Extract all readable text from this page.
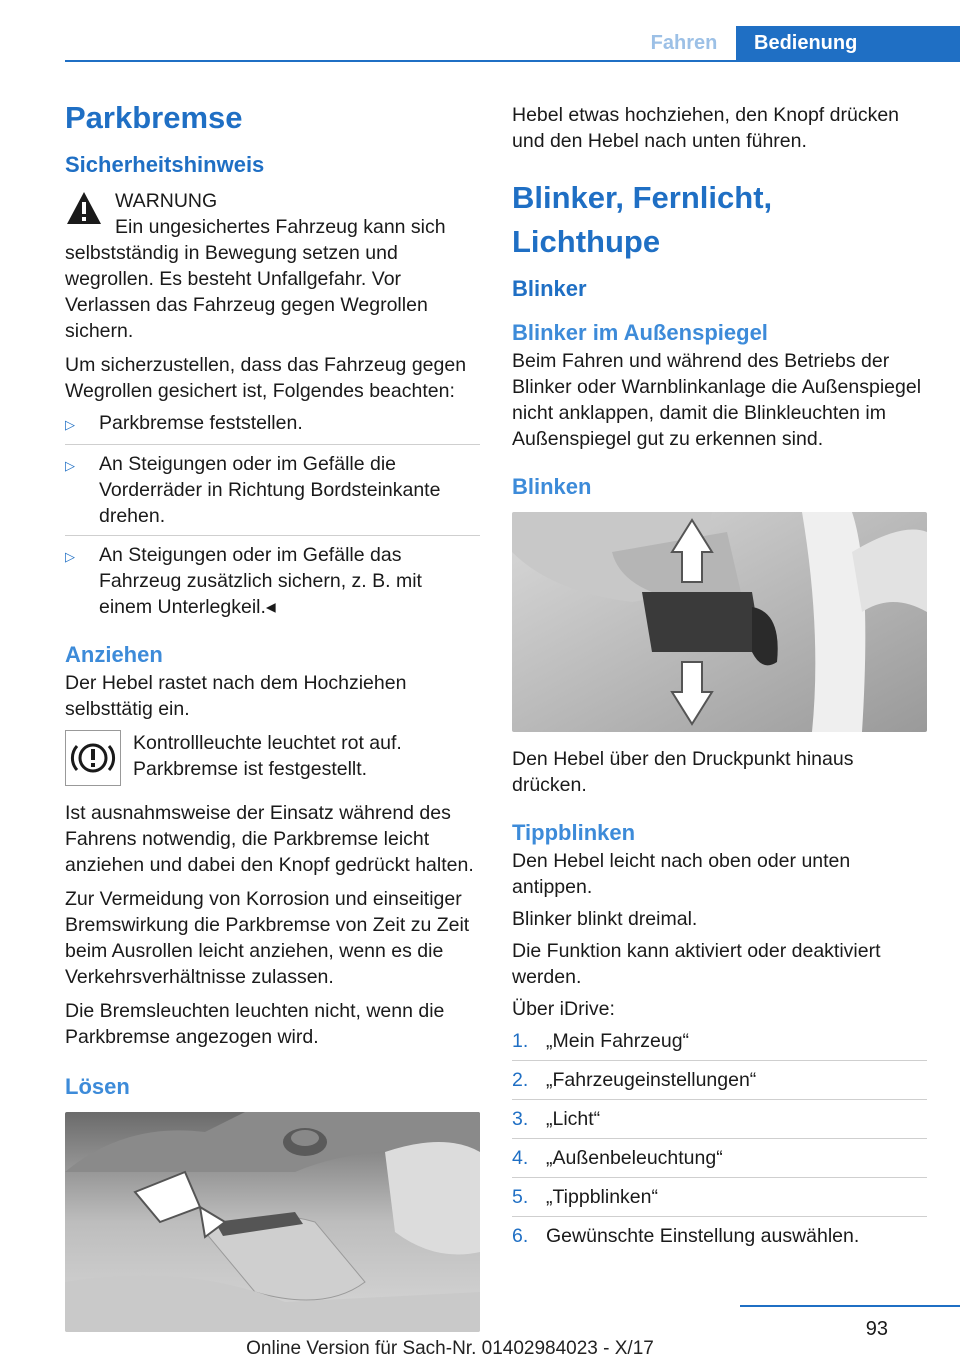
Fahren	Bedienung
Parkbremse
Sicherheitshinweis

WARNUNG

Ein ungesichertes Fahrzeug kann sich selbstständig in Bewegung setzen und wegrollen. Es besteht Unfallgefahr. Vor Verlassen das Fahrzeug gegen Wegrollen sichern.

Um sicherzustellen, dass das Fahrzeug gegen Wegrollen gesichert ist, Folgendes beachten:

▷	Parkbremse feststellen.
▷	An Steigungen oder im Gefälle die Vorderräder in Richtung Bordsteinkante drehen.
▷	An Steigungen oder im Gefälle das Fahrzeug zusätzlich sichern, z. B. mit einem Unterlegkeil.◂
Anziehen

Der Hebel rastet nach dem Hochziehen selbsttätig ein.

Kontrollleuchte leuchtet rot auf. Parkbremse ist festgestellt.

Ist ausnahmsweise der Einsatz während des Fahrens notwendig, die Parkbremse leicht anziehen und dabei den Knopf gedrückt halten.

Zur Vermeidung von Korrosion und einseitiger Bremswirkung die Parkbremse von Zeit zu Zeit beim Ausrollen leicht anziehen, wenn es die Verkehrsverhältnisse zulassen.

Die Bremsleuchten leuchten nicht, wenn die Parkbremse angezogen wird.

Lösen

Hebel etwas hochziehen, den Knopf drücken und den Hebel nach unten führen.

Blinker, Fernlicht, Lichthupe
Blinker
Blinker im Außenspiegel

Beim Fahren und während des Betriebs der Blinker oder Warnblinkanlage die Außenspiegel nicht anklappen, damit die Blinkleuchten im Außenspiegel gut zu erkennen sind.

Blinken

Den Hebel über den Druckpunkt hinaus drücken.

Tippblinken

Den Hebel leicht nach oben oder unten antippen.

Blinker blinkt dreimal.

Die Funktion kann aktiviert oder deaktiviert werden.

Über iDrive:

1. „Mein Fahrzeug“
2. „Fahrzeugeinstellungen“
3. „Licht“
4. „Außenbeleuchtung“
5. „Tippblinken“
6. Gewünschte Einstellung auswählen.
93
Online Version für Sach-Nr. 01402984023 - X/17
